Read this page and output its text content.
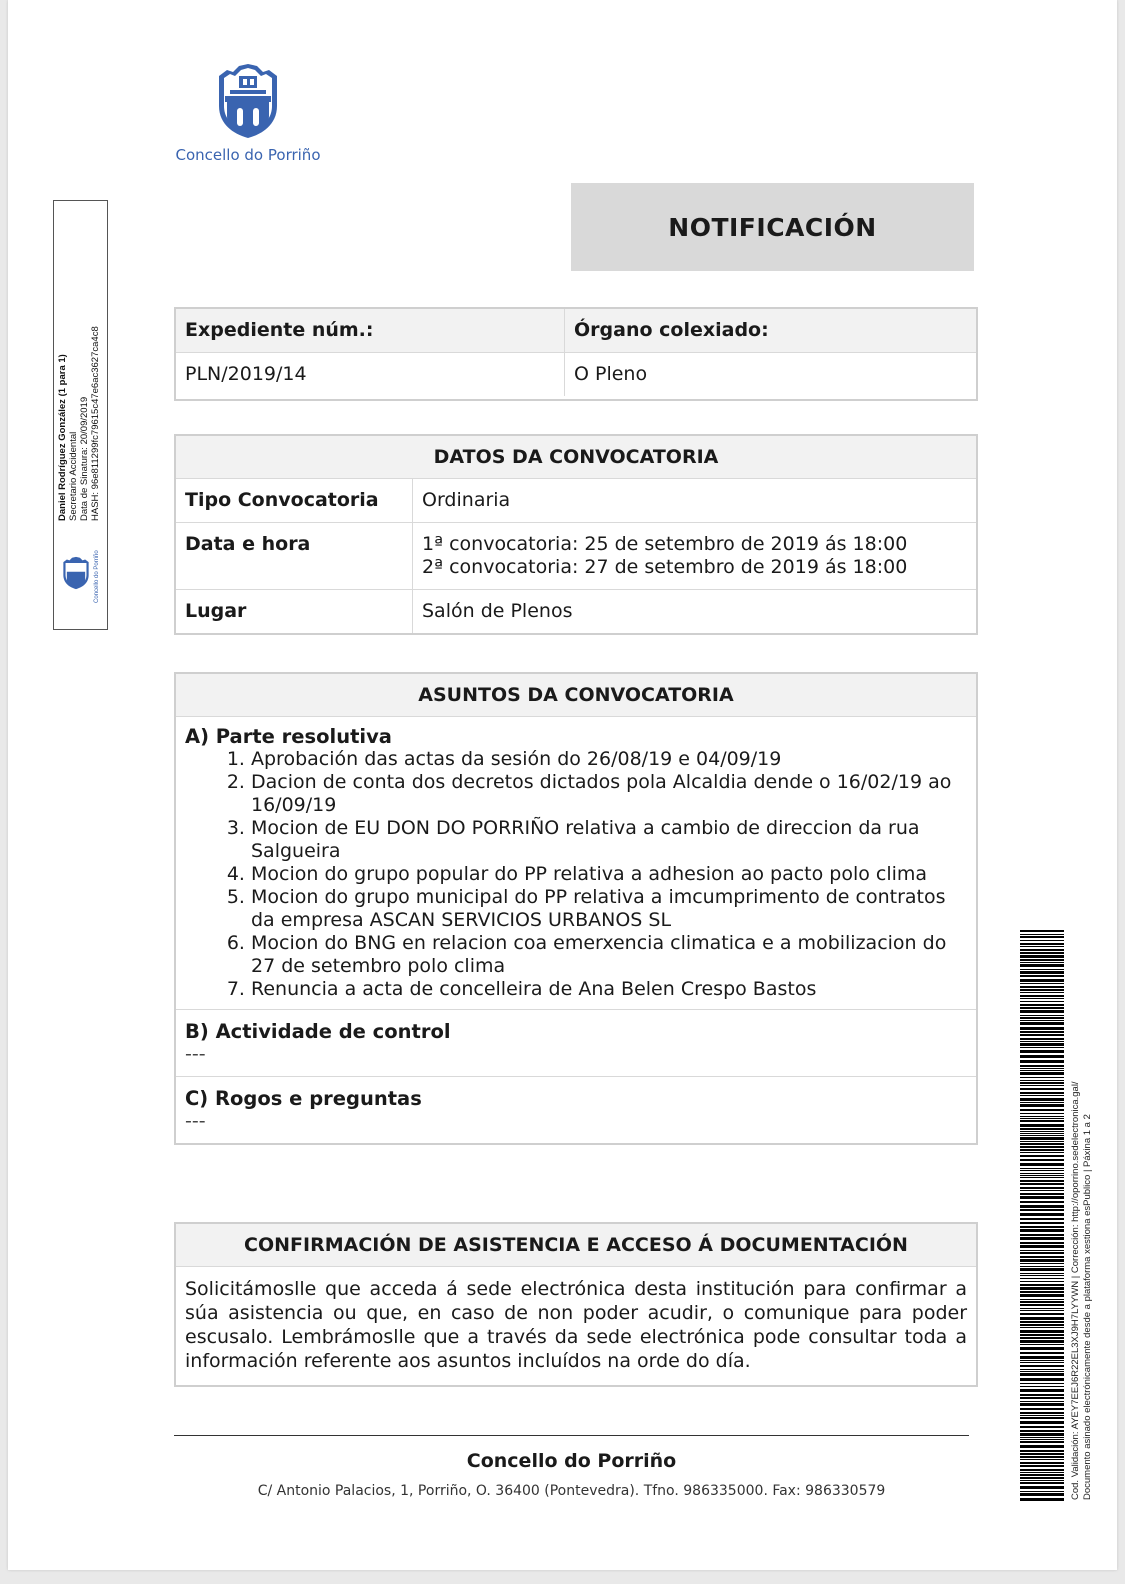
Concello do Porriño
NOTIFICACIÓN
Expediente núm.:	Órgano colexiado:
PLN/2019/14	O Pleno
DATOS DA CONVOCATORIA
Tipo Convocatoria	Ordinaria
Data e hora	1ª convocatoria: 25 de setembro de 2019 ás 18:00
2ª convocatoria: 27 de setembro de 2019 ás 18:00
Lugar	Salón de Plenos
ASUNTOS DA CONVOCATORIA
A) Parte resolutiva
1. Aprobación das actas da sesión do 26/08/19 e 04/09/19
2. Dacion de conta dos decretos dictados pola Alcaldia dende o 16/02/19 ao 16/09/19
3. Mocion de EU DON DO PORRIÑO relativa a cambio de direccion da rua Salgueira
4. Mocion do grupo popular do PP relativa a adhesion ao pacto polo clima
5. Mocion do grupo municipal do PP relativa a imcumprimento de contratos da empresa ASCAN SERVICIOS URBANOS SL
6. Mocion do BNG en relacion coa emerxencia climatica e a mobilizacion do 27 de setembro polo clima
7. Renuncia a acta de concelleira de Ana Belen Crespo Bastos
B) Actividade de control
---
C) Rogos e preguntas
---
CONFIRMACIÓN DE ASISTENCIA E ACCESO Á DOCUMENTACIÓN
Solicitámoslle que acceda á sede electrónica desta institución para confirmar a súa asistencia ou que, en caso de non poder acudir, o comunique para poder escusalo. Lembrámoslle que a través da sede electrónica pode consultar toda a información referente aos asuntos incluídos na orde do día.
Concello do Porriño
C/ Antonio Palacios, 1, Porriño, O. 36400 (Pontevedra). Tfno. 986335000. Fax: 986330579
Daniel Rodríguez González (1 para 1) Secretario Accidental Data de Sinatura: 20/09/2019 HASH: 96e811299fc79615c47e6ac3627ca4c8
Concello do Porriño
Cod. Validación: AYEY7EEJ6R22EL3XJ9H7LYYWN | Corrección: http://oporrino.sedelectronica.gal/ Documento asinado electrónicamente desde a plataforma xestiona esPublico | Páxina 1 a 2
